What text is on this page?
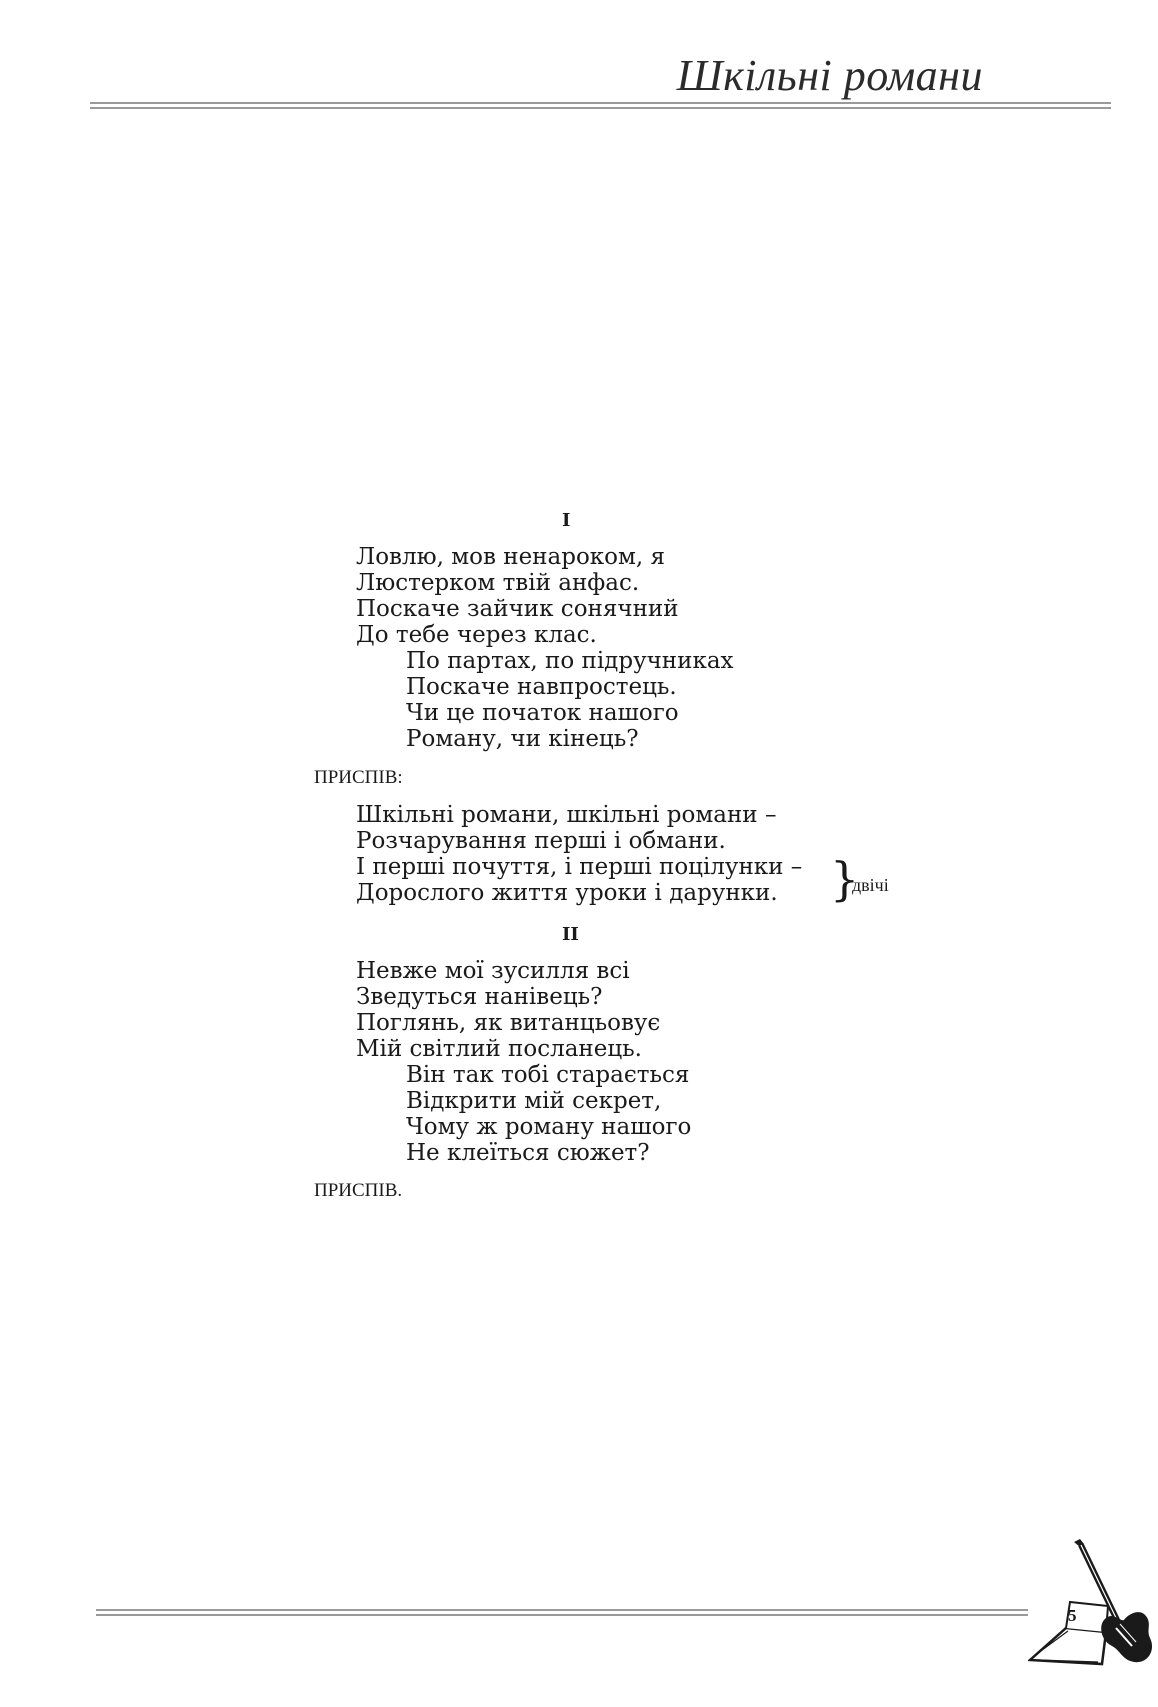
Шкільні романи
I
Ловлю, мов ненароком, я
Люстерком твій анфас.
Поскаче зайчик сонячний
До тебе через клас.
По партах, по підручниках
Поскаче навпростець.
Чи це початок нашого
Роману, чи кінець?
ПРИСПІВ:
Шкільні романи, шкільні романи –
Розчарування перші і обмани.
І перші почуття, і перші поцілунки –
Дорослого життя уроки і дарунки. }
двічі
II
Невже мої зусилля всі
Зведуться нанівець?
Поглянь, як витанцьовує
Мій світлий посланець.
Він так тобі старається
Відкрити мій секрет,
Чому ж роману нашого
Не клеїться сюжет?
ПРИСПІВ.
5
